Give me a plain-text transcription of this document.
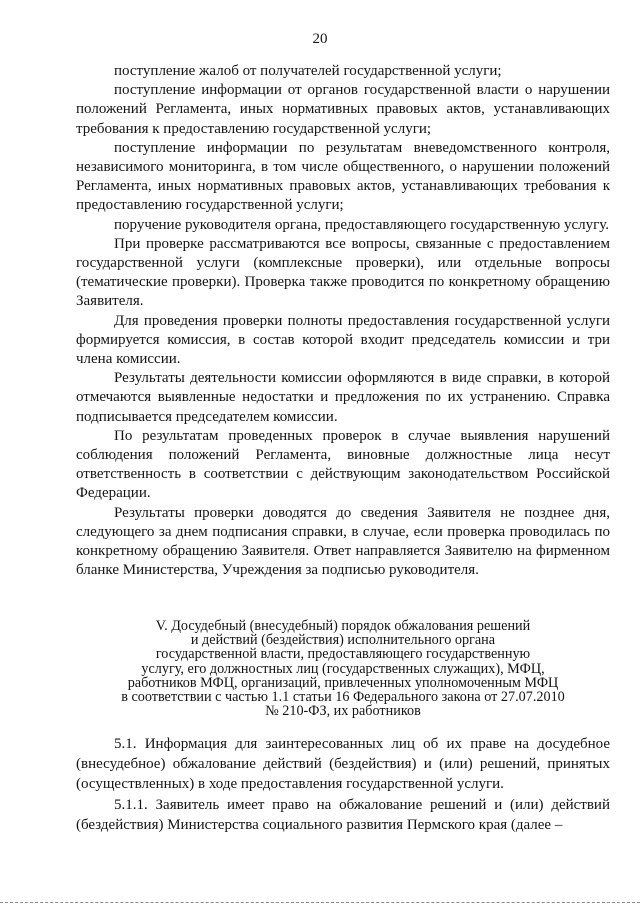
20

поступление жалоб от получателей государственной услуги;

поступление информации от органов государственной власти о нарушении положений Регламента, иных нормативных правовых актов, устанавливающих требования к предоставлению государственной услуги;

поступление информации по результатам вневедомственного контроля, независимого мониторинга, в том числе общественного, о нарушении положений Регламента, иных нормативных правовых актов, устанавливающих требования к предоставлению государственной услуги;

поручение руководителя органа, предоставляющего государственную услугу.

При проверке рассматриваются все вопросы, связанные с предоставлением государственной услуги (комплексные проверки), или отдельные вопросы (тематические проверки). Проверка также проводится по конкретному обращению Заявителя.

Для проведения проверки полноты предоставления государственной услуги формируется комиссия, в состав которой входит председатель комиссии и три члена комиссии.

Результаты деятельности комиссии оформляются в виде справки, в которой отмечаются выявленные недостатки и предложения по их устранению. Справка подписывается председателем комиссии.

По результатам проведенных проверок в случае выявления нарушений соблюдения положений Регламента, виновные должностные лица несут ответственность в соответствии с действующим законодательством Российской Федерации.

Результаты проверки доводятся до сведения Заявителя не позднее дня, следующего за днем подписания справки, в случае, если проверка проводилась по конкретному обращению Заявителя. Ответ направляется Заявителю на фирменном бланке Министерства, Учреждения за подписью руководителя.

V. Досудебный (внесудебный) порядок обжалования решений
и действий (бездействия) исполнительного органа
государственной власти, предоставляющего государственную
услугу, его должностных лиц (государственных служащих), МФЦ,
работников МФЦ, организаций, привлеченных уполномоченным МФЦ
в соответствии с частью 1.1 статьи 16 Федерального закона от 27.07.2010
№ 210-ФЗ, их работников

5.1. Информация для заинтересованных лиц об их праве на досудебное (внесудебное) обжалование действий (бездействия) и (или) решений, принятых (осуществленных) в ходе предоставления государственной услуги.

5.1.1. Заявитель имеет право на обжалование решений и (или) действий (бездействия) Министерства социального развития Пермского края (далее –
